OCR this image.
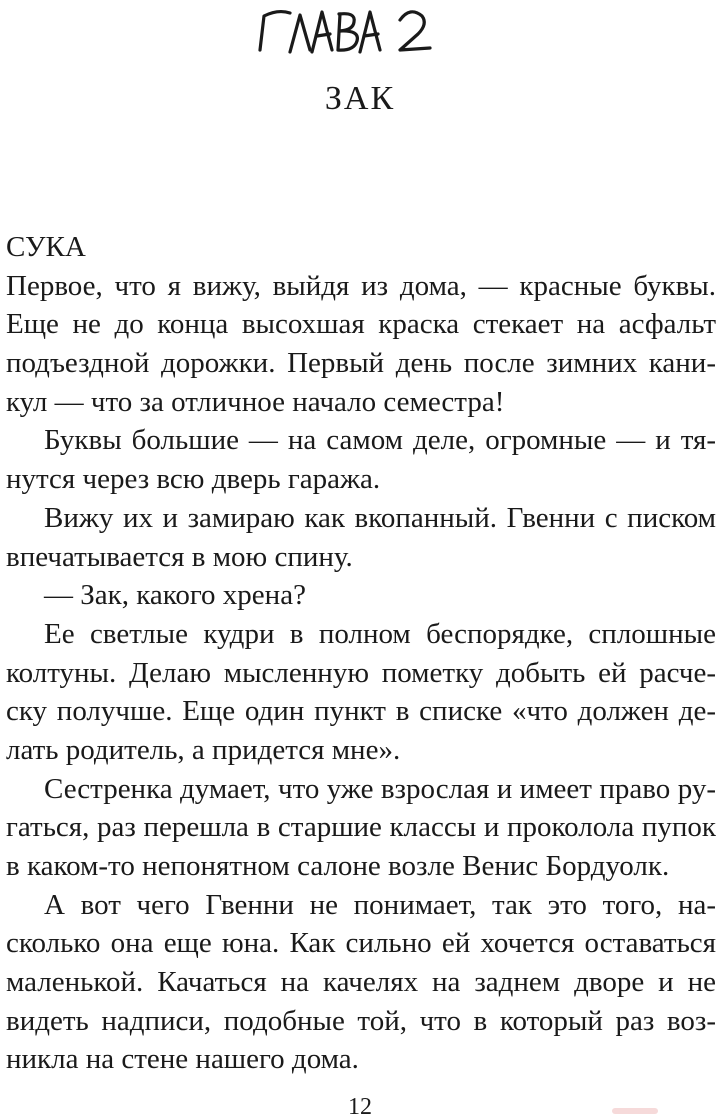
ЗАК
СУКА
Первое, что я вижу, выйдя из дома, — красные буквы.
Еще не до конца высохшая краска стекает на асфальт
подъездной дорожки. Первый день после зимних кани-
кул — что за отличное начало семестра!
Буквы большие — на самом деле, огромные — и тя-
нутся через всю дверь гаража.
Вижу их и замираю как вкопанный. Гвенни с писком
впечатывается в мою спину.
— Зак, какого хрена?
Ее светлые кудри в полном беспорядке, сплошные
колтуны. Делаю мысленную пометку добыть ей расче-
ску получше. Еще один пункт в списке «что должен де-
лать родитель, а придется мне».
Сестренка думает, что уже взрослая и имеет право ру-
гаться, раз перешла в старшие классы и проколола пупок
в каком-то непонятном салоне возле Венис Бордуолк.
А вот чего Гвенни не понимает, так это того, на-
сколько она еще юна. Как сильно ей хочется оставаться
маленькой. Качаться на качелях на заднем дворе и не
видеть надписи, подобные той, что в который раз воз-
никла на стене нашего дома.
12
